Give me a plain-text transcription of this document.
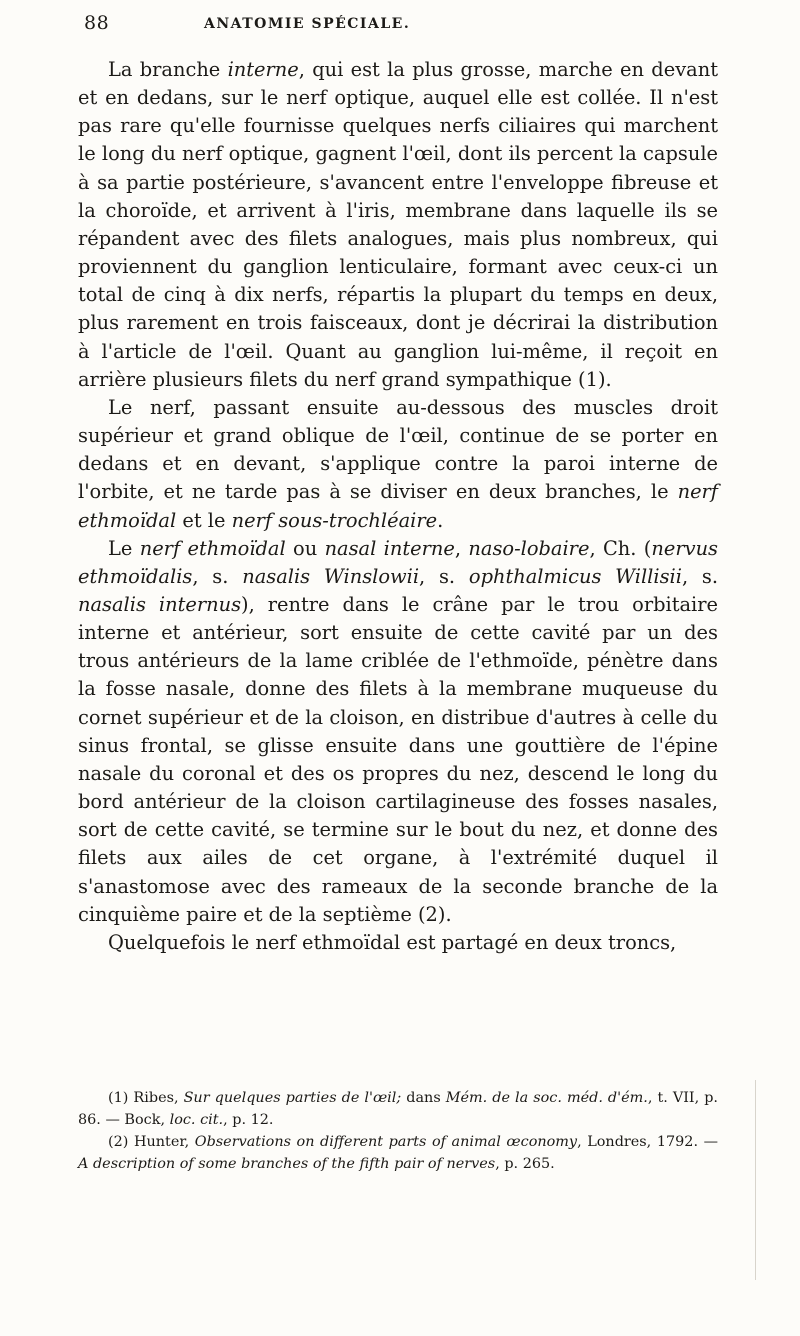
88	ANATOMIE SPÉCIALE.

La branche interne, qui est la plus grosse, marche en devant et en dedans, sur le nerf optique, auquel elle est collée. Il n'est pas rare qu'elle fournisse quelques nerfs ciliaires qui marchent le long du nerf optique, gagnent l'œil, dont ils percent la capsule à sa partie postérieure, s'avancent entre l'enveloppe fibreuse et la choroïde, et arrivent à l'iris, membrane dans laquelle ils se répandent avec des filets analogues, mais plus nombreux, qui proviennent du ganglion lenticulaire, formant avec ceux-ci un total de cinq à dix nerfs, répartis la plupart du temps en deux, plus rarement en trois faisceaux, dont je décrirai la distribution à l'article de l'œil. Quant au ganglion lui-même, il reçoit en arrière plusieurs filets du nerf grand sympathique (1).

Le nerf, passant ensuite au-dessous des muscles droit supérieur et grand oblique de l'œil, continue de se porter en dedans et en devant, s'applique contre la paroi interne de l'orbite, et ne tarde pas à se diviser en deux branches, le nerf ethmoïdal et le nerf sous-trochléaire.

Le nerf ethmoïdal ou nasal interne, naso-lobaire, Ch. (nervus ethmoïdalis, s. nasalis Winslowii, s. ophthalmicus Willisii, s. nasalis internus), rentre dans le crâne par le trou orbitaire interne et antérieur, sort ensuite de cette cavité par un des trous antérieurs de la lame criblée de l'ethmoïde, pénètre dans la fosse nasale, donne des filets à la membrane muqueuse du cornet supérieur et de la cloison, en distribue d'autres à celle du sinus frontal, se glisse ensuite dans une gouttière de l'épine nasale du coronal et des os propres du nez, descend le long du bord antérieur de la cloison cartilagineuse des fosses nasales, sort de cette cavité, se termine sur le bout du nez, et donne des filets aux ailes de cet organe, à l'extrémité duquel il s'anastomose avec des rameaux de la seconde branche de la cinquième paire et de la septième (2).

Quelquefois le nerf ethmoïdal est partagé en deux troncs,

(1) Ribes, Sur quelques parties de l'œil; dans Mém. de la soc. méd. d'ém., t. VII, p. 86. — Bock, loc. cit., p. 12.

(2) Hunter, Observations on different parts of animal œconomy, Londres, 1792. — A description of some branches of the fifth pair of nerves, p. 265.
